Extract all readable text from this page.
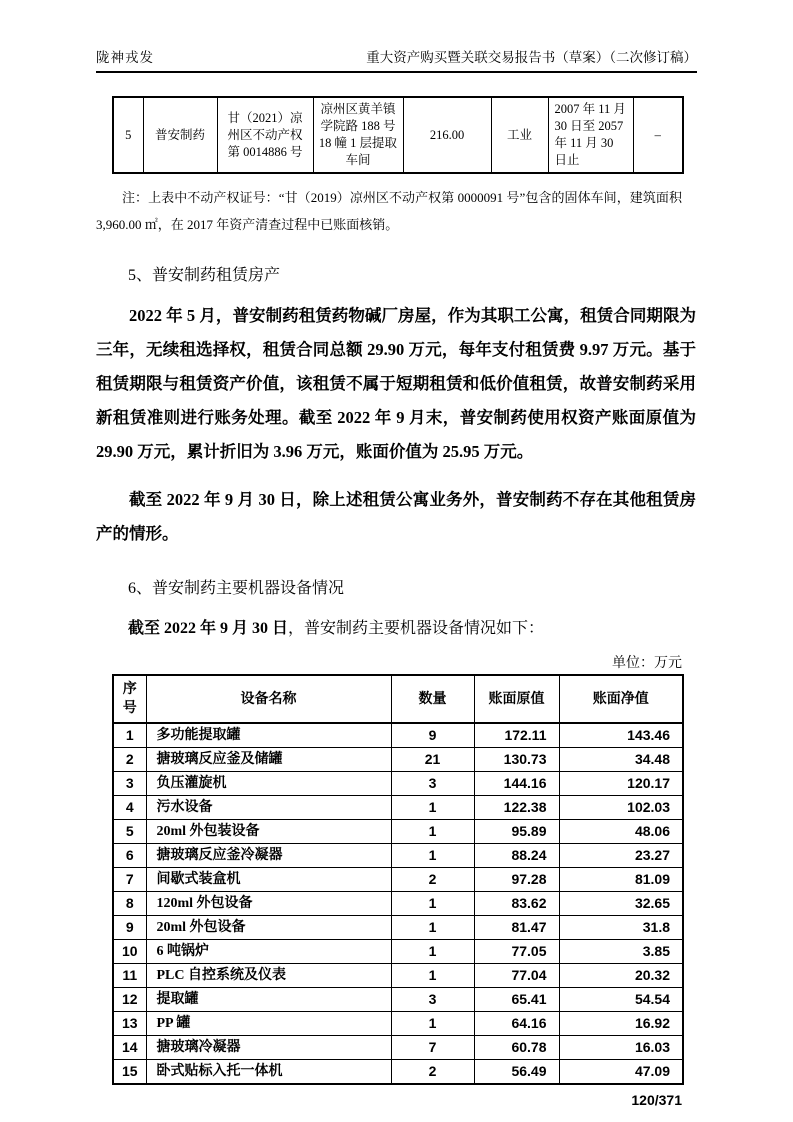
陇神戎发	重大资产购买暨关联交易报告书（草案）（二次修订稿）
5	普安制药	甘（2021）凉州区不动产权第 0014886 号	凉州区黄羊镇学院路 188 号 18 幢 1 层提取车间	216.00	工业	2007 年 11 月 30 日至 2057 年 11 月 30 日止	–

注：上表中不动产权证号：“甘（2019）凉州区不动产权第 0000091 号”包含的固体车间，建筑面积 3,960.00 ㎡，在 2017 年资产清查过程中已账面核销。

5、普安制药租赁房产

2022 年 5 月，普安制药租赁药物碱厂房屋，作为其职工公寓，租赁合同期限为三年，无续租选择权，租赁合同总额 29.90 万元，每年支付租赁费 9.97 万元。基于租赁期限与租赁资产价值，该租赁不属于短期租赁和低价值租赁，故普安制药采用新租赁准则进行账务处理。截至 2022 年 9 月末，普安制药使用权资产账面原值为 29.90 万元，累计折旧为 3.96 万元，账面价值为 25.95 万元。

截至 2022 年 9 月 30 日，除上述租赁公寓业务外，普安制药不存在其他租赁房产的情形。

6、普安制药主要机器设备情况

截至 2022 年 9 月 30 日，普安制药主要机器设备情况如下：

单位：万元
序号	设备名称	数量	账面原值	账面净值
1	多功能提取罐	9	172.11	143.46
2	搪玻璃反应釜及储罐	21	130.73	34.48
3	负压灌旋机	3	144.16	120.17
4	污水设备	1	122.38	102.03
5	20ml 外包装设备	1	95.89	48.06
6	搪玻璃反应釜冷凝器	1	88.24	23.27
7	间歇式装盒机	2	97.28	81.09
8	120ml 外包设备	1	83.62	32.65
9	20ml 外包设备	1	81.47	31.8
10	6 吨锅炉	1	77.05	3.85
11	PLC 自控系统及仪表	1	77.04	20.32
12	提取罐	3	65.41	54.54
13	PP 罐	1	64.16	16.92
14	搪玻璃冷凝器	7	60.78	16.03
15	卧式贴标入托一体机	2	56.49	47.09
120/371
